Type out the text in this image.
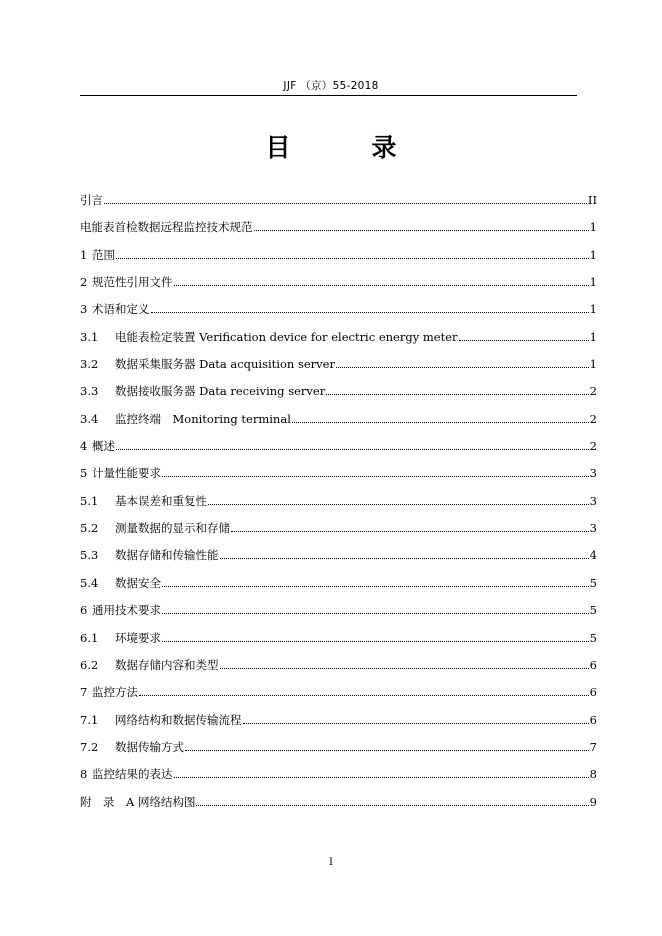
JJF （京）55-2018
目　录
引言	II
电能表首检数据远程监控技术规范	1
1 范围	1
2 规范性引用文件	1
3 术语和定义	1
3.1	电能表检定装置 Verification device for electric energy meter	1
3.2	数据采集服务器 Data acquisition server	1
3.3	数据接收服务器 Data receiving server	2
3.4	监控终端　Monitoring terminal	2
4 概述	2
5 计量性能要求	3
5.1	基本误差和重复性	3
5.2	测量数据的显示和存储	3
5.3	数据存储和传输性能	4
5.4	数据安全	5
6 通用技术要求	5
6.1	环境要求	5
6.2	数据存储内容和类型	6
7 监控方法	6
7.1	网络结构和数据传输流程	6
7.2	数据传输方式	7
8 监控结果的表达	8
附　录　A 网络结构图	9
I
